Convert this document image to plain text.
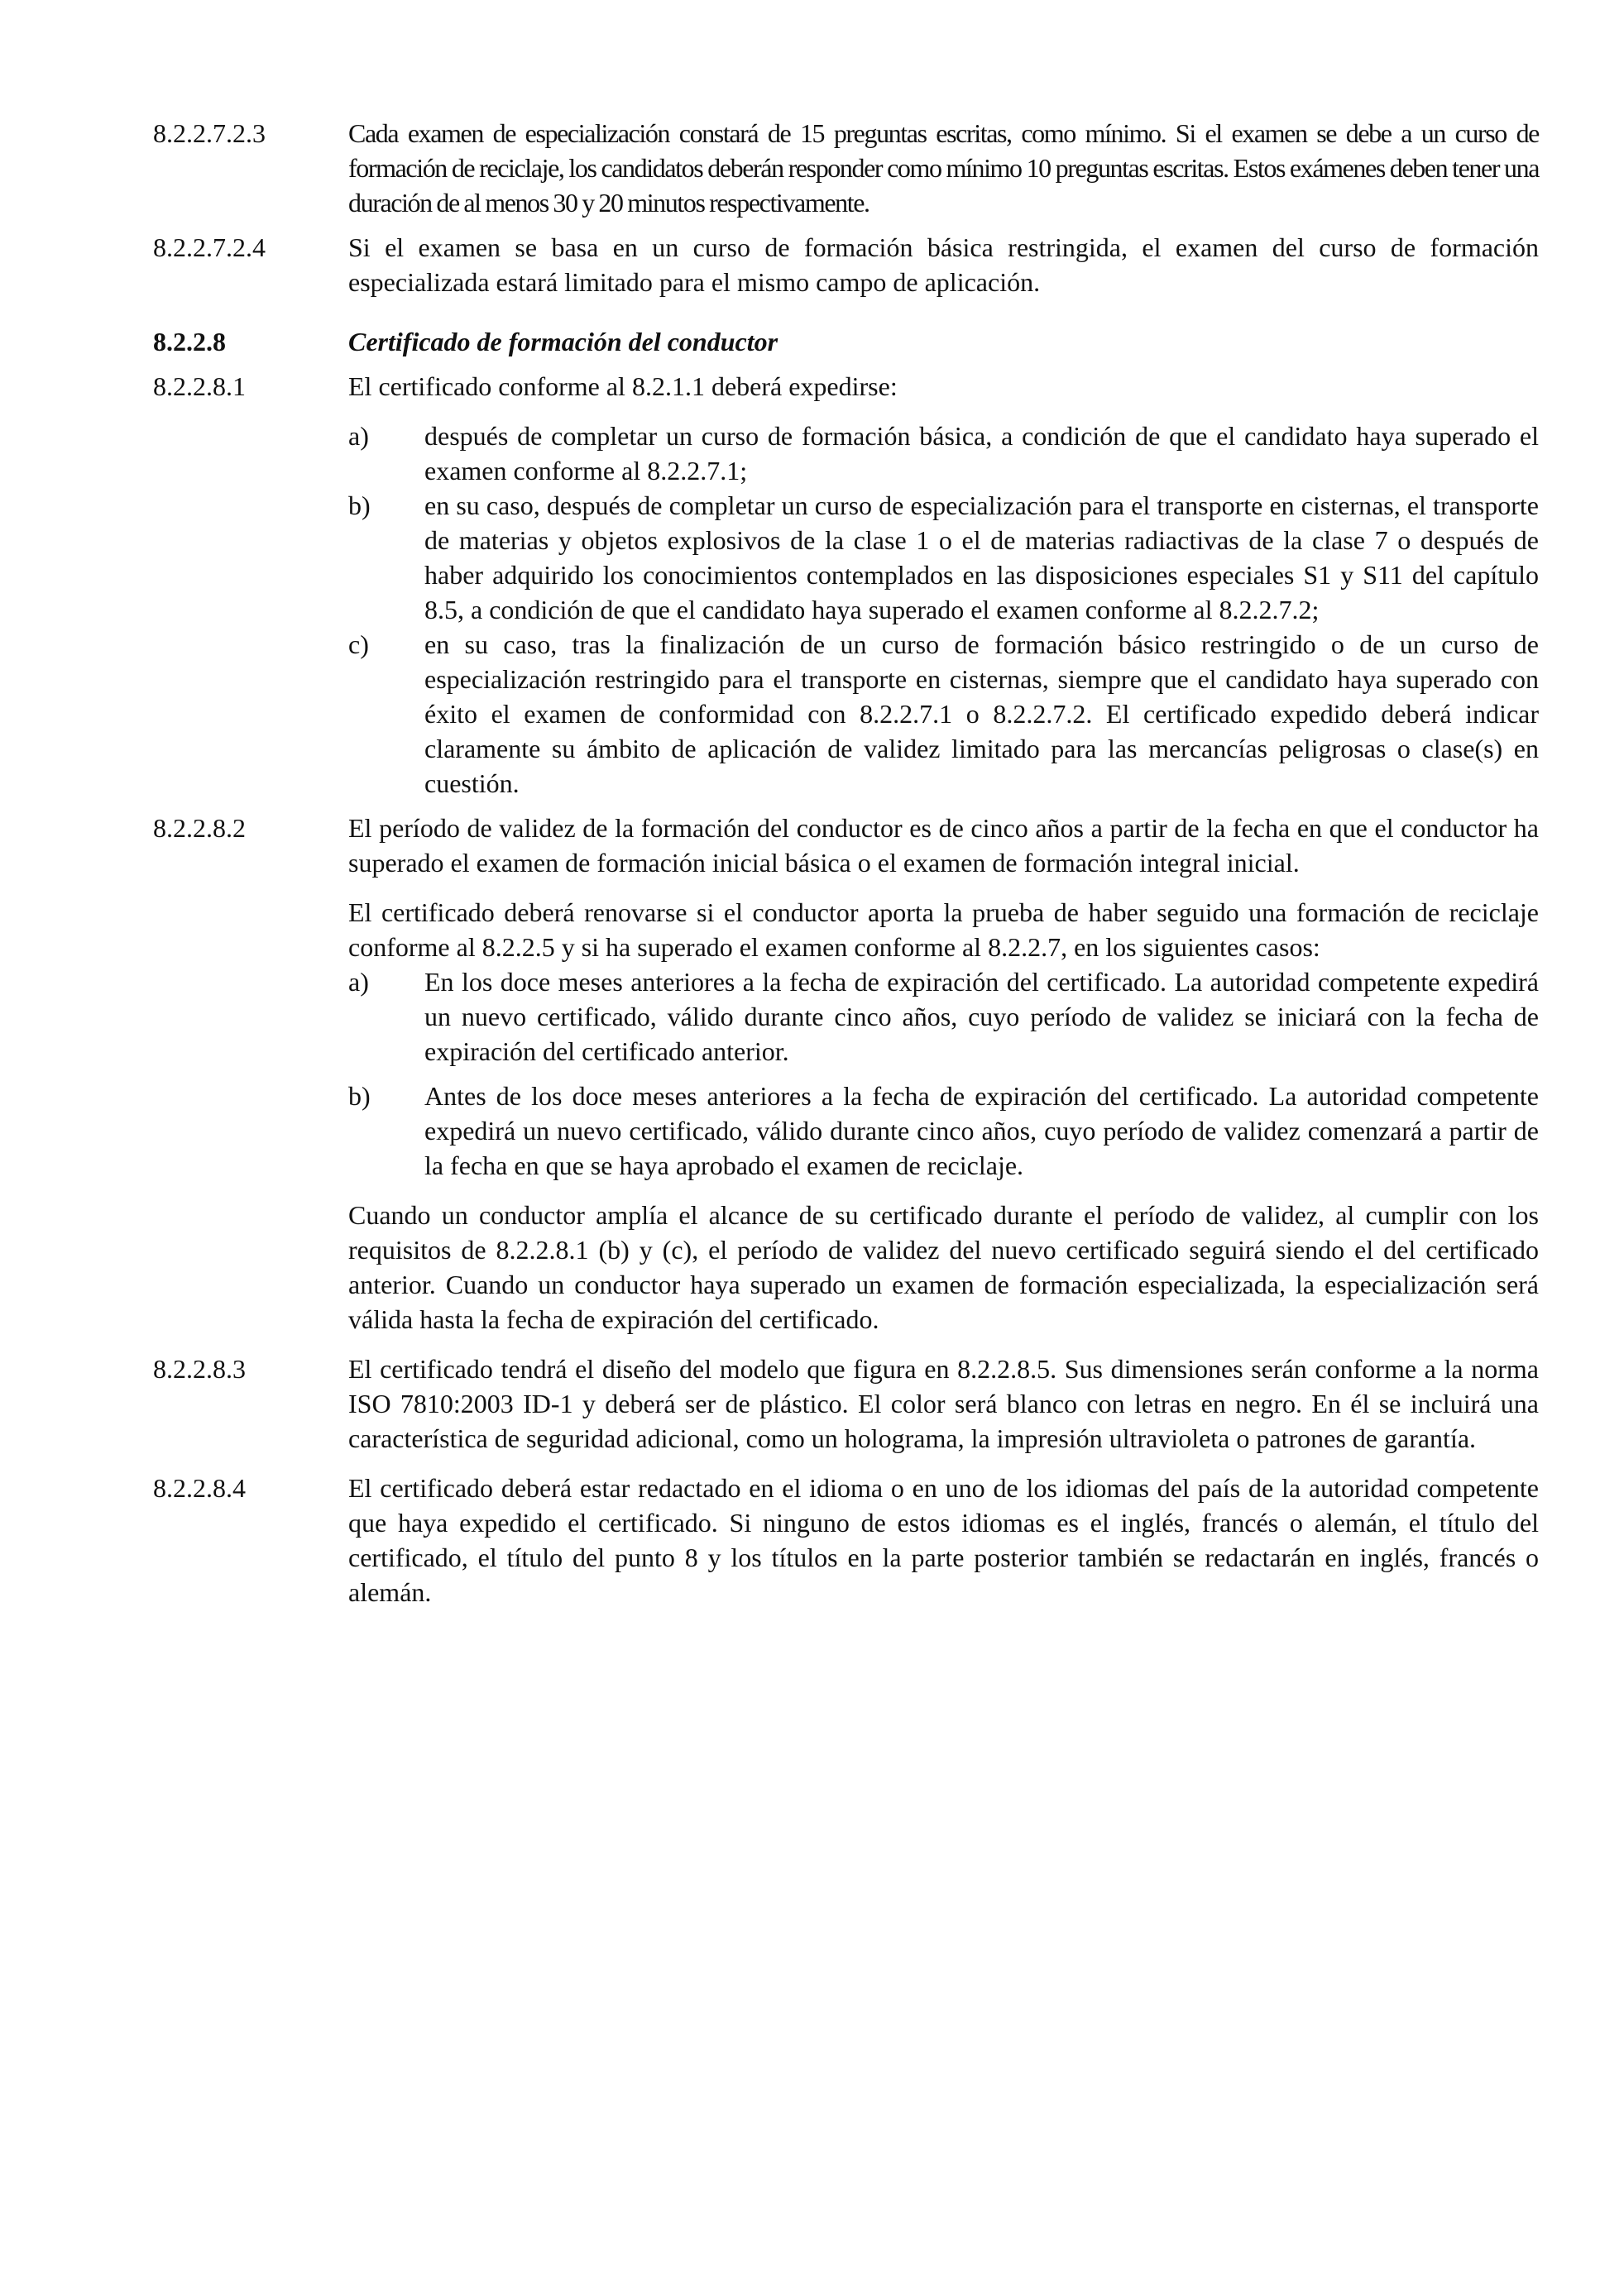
8.2.2.7.2.3	Cada examen de especialización constará de 15 preguntas escritas, como mínimo. Si el examen se debe a un curso de formación de reciclaje, los candidatos deberán responder como mínimo 10 preguntas escritas. Estos exámenes deben tener una duración de al menos 30 y 20 minutos respectivamente.

8.2.2.7.2.4	Si el examen se basa en un curso de formación básica restringida, el examen del curso de formación especializada estará limitado para el mismo campo de aplicación.

8.2.2.8	Certificado de formación del conductor

8.2.2.8.1	El certificado conforme al 8.2.1.1 deberá expedirse:

a) después de completar un curso de formación básica, a condición de que el candidato haya superado el examen conforme al 8.2.2.7.1;

b) en su caso, después de completar un curso de especialización para el transporte en cisternas, el transporte de materias y objetos explosivos de la clase 1 o el de materias radiactivas de la clase 7 o después de haber adquirido los conocimientos contemplados en las disposiciones especiales S1 y S11 del capítulo 8.5, a condición de que el candidato haya superado el examen conforme al 8.2.2.7.2;

c) en su caso, tras la finalización de un curso de formación básico restringido o de un curso de especialización restringido para el transporte en cisternas, siempre que el candidato haya superado con éxito el examen de conformidad con 8.2.2.7.1 o 8.2.2.7.2. El certificado expedido deberá indicar claramente su ámbito de aplicación de validez limitado para las mercancías peligrosas o clase(s) en cuestión.

8.2.2.8.2	El período de validez de la formación del conductor es de cinco años a partir de la fecha en que el conductor ha superado el examen de formación inicial básica o el examen de formación integral inicial.

El certificado deberá renovarse si el conductor aporta la prueba de haber seguido una formación de reciclaje conforme al 8.2.2.5 y si ha superado el examen conforme al 8.2.2.7, en los siguientes casos:

a) En los doce meses anteriores a la fecha de expiración del certificado. La autoridad competente expedirá un nuevo certificado, válido durante cinco años, cuyo período de validez se iniciará con la fecha de expiración del certificado anterior.

b) Antes de los doce meses anteriores a la fecha de expiración del certificado. La autoridad competente expedirá un nuevo certificado, válido durante cinco años, cuyo período de validez comenzará a partir de la fecha en que se haya aprobado el examen de reciclaje.

Cuando un conductor amplía el alcance de su certificado durante el período de validez, al cumplir con los requisitos de 8.2.2.8.1 (b) y (c), el período de validez del nuevo certificado seguirá siendo el del certificado anterior. Cuando un conductor haya superado un examen de formación especializada, la especialización será válida hasta la fecha de expiración del certificado.

8.2.2.8.3	El certificado tendrá el diseño del modelo que figura en 8.2.2.8.5. Sus dimensiones serán conforme a la norma ISO 7810:2003 ID-1 y deberá ser de plástico. El color será blanco con letras en negro. En él se incluirá una característica de seguridad adicional, como un holograma, la impresión ultravioleta o patrones de garantía.

8.2.2.8.4	El certificado deberá estar redactado en el idioma o en uno de los idiomas del país de la autoridad competente que haya expedido el certificado. Si ninguno de estos idiomas es el inglés, francés o alemán, el título del certificado, el título del punto 8 y los títulos en la parte posterior también se redactarán en inglés, francés o alemán.
